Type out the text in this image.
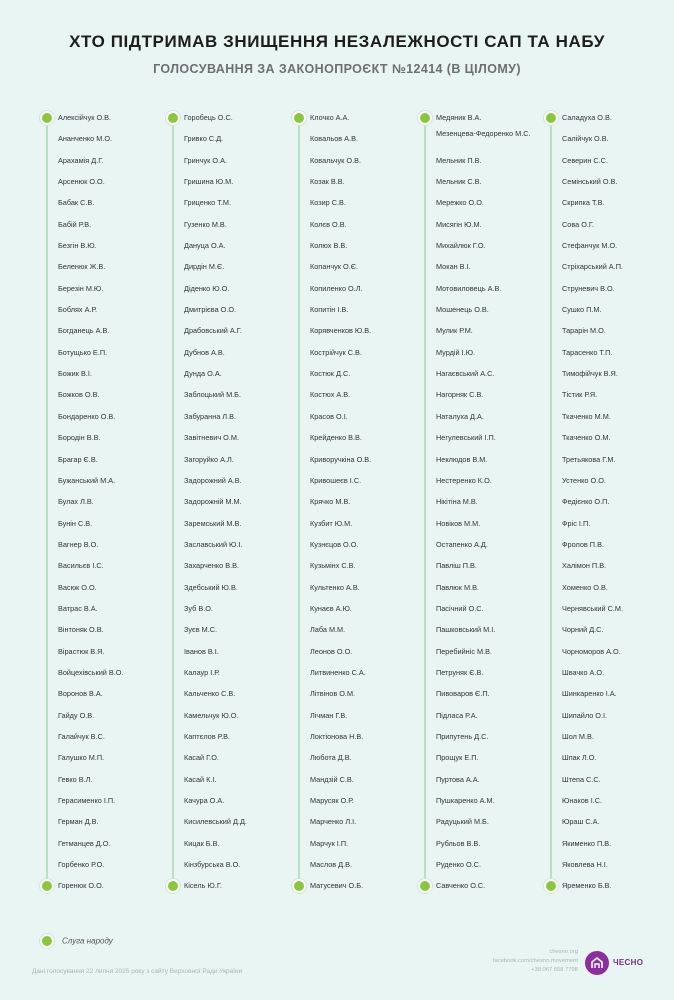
ХТО ПІДТРИМАВ ЗНИЩЕННЯ НЕЗАЛЕЖНОСТІ САП ТА НАБУ
ГОЛОСУВАННЯ ЗА ЗАКОНОПРОЄКТ №12414 (В ЦІЛОМУ)
Алексійчук О.В.
Ананченко М.О.
Арахамія Д.Г.
Арсенюк О.О.
Бабак С.В.
Бабій Р.В.
Безгін В.Ю.
Беленюк Ж.В.
Березін М.Ю.
Боблях А.Р.
Богданець А.В.
Ботущько Е.П.
Божик В.І.
Божков О.В.
Бондаренко О.В.
Бородін В.В.
Брагар Є.В.
Бужанський М.А.
Булах Л.В.
Бунін С.В.
Вагнер В.О.
Васильєв І.С.
Васюк О.О.
Ватрас В.А.
Вінтоняк О.В.
Вірастюк В.Я.
Войцехівський В.О.
Воронов В.А.
Гайду О.В.
Галайчук В.С.
Галушко М.П.
Гевко В.Л.
Герасименко І.П.
Герман Д.В.
Гетманцев Д.О.
Горбенко Р.О.
Горенюк О.О.
Горобець О.С.
Гривко С.Д.
Гринчук О.А.
Гришина Ю.М.
Гриценко Т.М.
Гузенко М.В.
Дануца О.А.
Дирдін М.Є.
Діденко Ю.О.
Дмитрієва О.О.
Драбовський А.Г.
Дубнов А.В.
Дунда О.А.
Заблоцький М.Б.
Забуранна Л.В.
Завітневич О.М.
Загоруйко А.Л.
Задорожний А.В.
Задорожній М.М.
Заремський М.В.
Заславський Ю.І.
Захарченко В.В.
Здебський Ю.В.
Зуб В.О.
Зуєв М.С.
Іванов В.І.
Калаур І.Р.
Кальченко С.В.
Камельчук Ю.О.
Каптєлов Р.В.
Касай Г.О.
Касай К.І.
Качура О.А.
Кисилевський Д.Д.
Кицак Б.В.
Кінзбурська В.О.
Кісель Ю.Г.
Клочко А.А.
Ковальов А.В.
Ковальчук О.В.
Козак В.В.
Козир С.В.
Колєв О.В.
Колюх В.В.
Копанчук О.Є.
Копиленко О.Л.
Копитін І.В.
Корявченков Ю.В.
Кострійчук С.В.
Костюк Д.С.
Костюх А.В.
Красов О.І.
Крейденко В.В.
Криворучкіна О.В.
Кривошеєв І.С.
Крячко М.В.
Кузбит Ю.М.
Кузнєцов О.О.
Кузьмінх С.В.
Культенко А.В.
Кунаєв А.Ю.
Лаба М.М.
Леонов О.О.
Литвиненко С.А.
Літвінов О.М.
Лічман Г.В.
Локтіонова Н.В.
Люботa Д.В.
Мандзій С.В.
Марусяк О.Р.
Марченко Л.І.
Марчук І.П.
Маслов Д.В.
Матусевич О.Б.
Медяник В.А.
Мезенцева-Федоренко М.С.
Мельник П.В.
Мельник С.В.
Мережко О.О.
Мисягін Ю.М.
Михайлюк Г.О.
Мокан В.І.
Мотовиловець А.В.
Мошенець О.В.
Мулик Р.М.
Мурдій І.Ю.
Нагаєвський А.С.
Нагорняк С.В.
Наталуха Д.А.
Негулевський І.П.
Неклюдов В.М.
Нестеренко К.О.
Нікітіна М.В.
Новіков М.М.
Остапенко А.Д.
Павліш П.В.
Павлюк М.В.
Пасічний О.С.
Пашковський М.І.
Перебийніс М.В.
Петруняк Є.В.
Пивоваров Є.П.
Підласа Р.А.
Припутень Д.С.
Прощук Е.П.
Пуртова А.А.
Пушкаренко А.М.
Радуцький М.Б.
Рубльов В.В.
Руденко О.С.
Савченко О.С.
Саладуха О.В.
Салійчук О.В.
Северин С.С.
Семінський О.В.
Скрипка Т.В.
Сова О.Г.
Стефанчук М.О.
Стріхарський А.П.
Струневич В.О.
Сушко П.М.
Тарарін М.О.
Тарасенко Т.П.
Тимофійчук В.Я.
Тістик Р.Я.
Ткаченко М.М.
Ткаченко О.М.
Третьякова Г.М.
Устенко О.О.
Федієнко О.П.
Фріс І.П.
Фролов П.В.
Халімон П.В.
Хоменко О.В.
Чернявський С.М.
Чорний Д.С.
Чорноморов А.О.
Швачко А.О.
Шинкаренко І.А.
Шипайло О.І.
Шол М.В.
Шпак Л.О.
Штепа С.С.
Юнаков І.С.
Юраш С.А.
Якименко П.В.
Яковлева Н.І.
Яременко Б.В.
Слуга народу
Дані голосування 22 липня 2025 року з сайту Верховної Ради України
chesno.org
facebook.com/chesno.movement
+38 067 658 7798
ЧЕСНО
